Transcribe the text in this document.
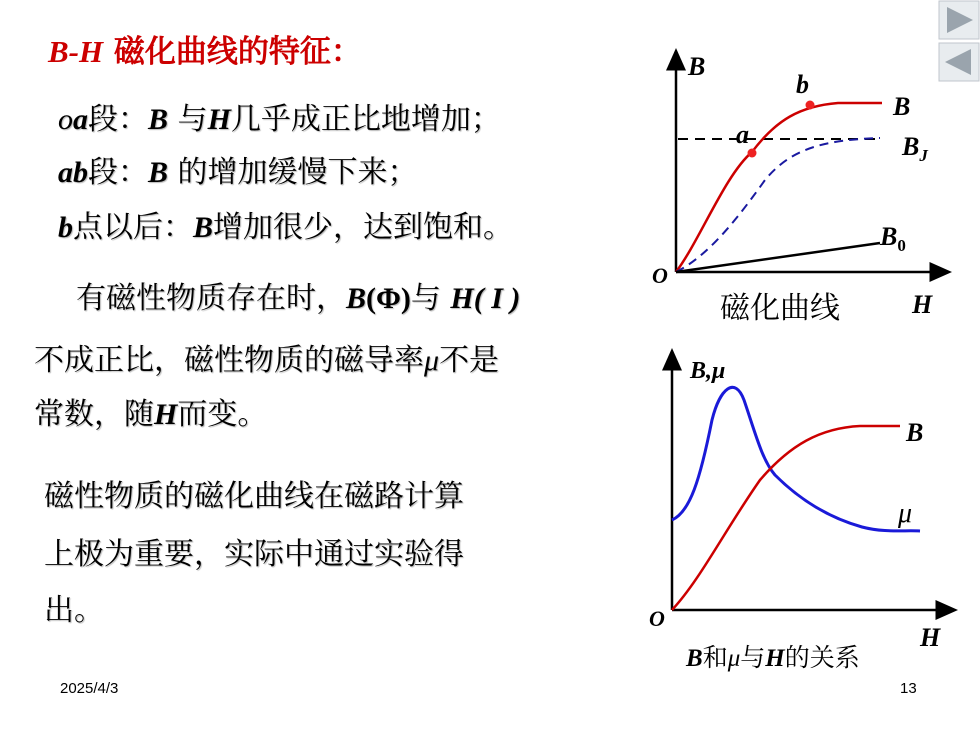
B-H 磁化曲线的特征：
oa段：B 与H几乎成正比地增加；
ab段：B 的增加缓慢下来；
b点以后：B增加很少，达到饱和。
有磁性物质存在时，B(Φ)与 H( I )
不成正比，磁性物质的磁导率μ不是
常数，随H而变。
磁性物质的磁化曲线在磁路计算
上极为重要，实际中通过实验得
出。
B
O
a
b
B
$B_J$
$B_0$
H
磁化曲线
B,μ
O
B
μ
H
B和μ与H的关系
2025/4/3	13
